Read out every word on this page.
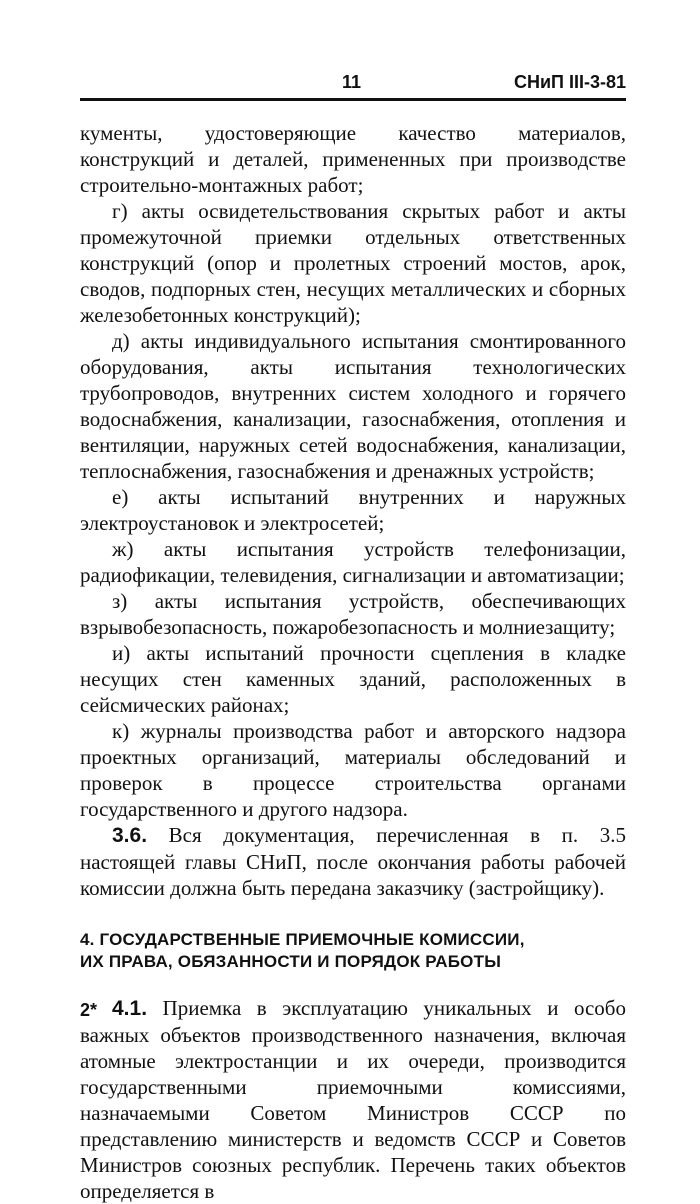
11	СНиП III-3-81

кументы, удостоверяющие качество материалов, конструкций и деталей, примененных при производстве строительно-монтажных работ;

г) акты освидетельствования скрытых работ и акты промежуточной приемки отдельных ответственных конструкций (опор и пролетных строений мостов, арок, сводов, подпорных стен, несущих металлических и сборных железобетонных конструкций);

д) акты индивидуального испытания смонтированного оборудования, акты испытания технологических трубопроводов, внутренних систем холодного и горячего водоснабжения, канализации, газоснабжения, отопления и вентиляции, наружных сетей водоснабжения, канализации, теплоснабжения, газоснабжения и дренажных устройств;

е) акты испытаний внутренних и наружных электроустановок и электросетей;

ж) акты испытания устройств телефонизации, радиофикации, телевидения, сигнализации и автоматизации;

з) акты испытания устройств, обеспечивающих взрывобезопасность, пожаробезопасность и молниезащиту;

и) акты испытаний прочности сцепления в кладке несущих стен каменных зданий, расположенных в сейсмических районах;

к) журналы производства работ и авторского надзора проектных организаций, материалы обследований и проверок в процессе строительства органами государственного и другого надзора.

3.6. Вся документация, перечисленная в п. 3.5 настоящей главы СНиП, после окончания работы рабочей комиссии должна быть передана заказчику (застройщику).

4. ГОСУДАРСТВЕННЫЕ ПРИЕМОЧНЫЕ КОМИССИИ,
ИХ ПРАВА, ОБЯЗАННОСТИ И ПОРЯДОК РАБОТЫ

4.1. Приемка в эксплуатацию уникальных и особо важных объектов производственного назначения, включая атомные электростанции и их очереди, производится государственными приемочными комиссиями, назначаемыми Советом Министров СССР по представлению министерств и ведомств СССР и Советов Министров союзных республик. Перечень таких объектов определяется в

2*
